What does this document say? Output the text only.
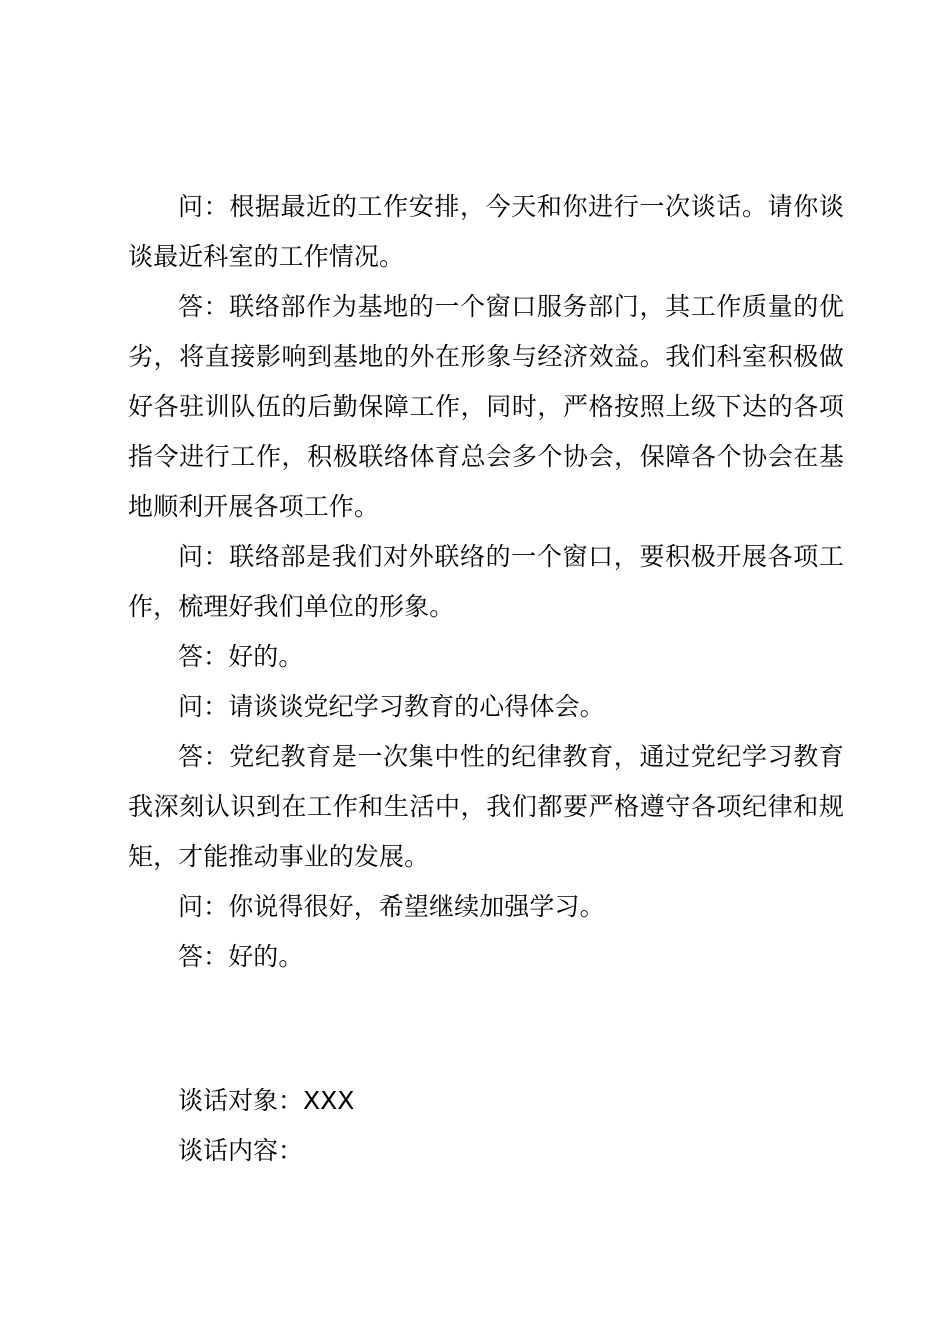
问：根据最近的工作安排，今天和你进行一次谈话。请你谈谈最近科室的工作情况。

答：联络部作为基地的一个窗口服务部门，其工作质量的优劣，将直接影响到基地的外在形象与经济效益。我们科室积极做好各驻训队伍的后勤保障工作，同时，严格按照上级下达的各项指令进行工作，积极联络体育总会多个协会，保障各个协会在基地顺利开展各项工作。

问：联络部是我们对外联络的一个窗口，要积极开展各项工作，梳理好我们单位的形象。

答：好的。

问：请谈谈党纪学习教育的心得体会。

答：党纪教育是一次集中性的纪律教育，通过党纪学习教育我深刻认识到在工作和生活中，我们都要严格遵守各项纪律和规矩，才能推动事业的发展。

问：你说得很好，希望继续加强学习。

答：好的。

谈话对象：XXX

谈话内容：
